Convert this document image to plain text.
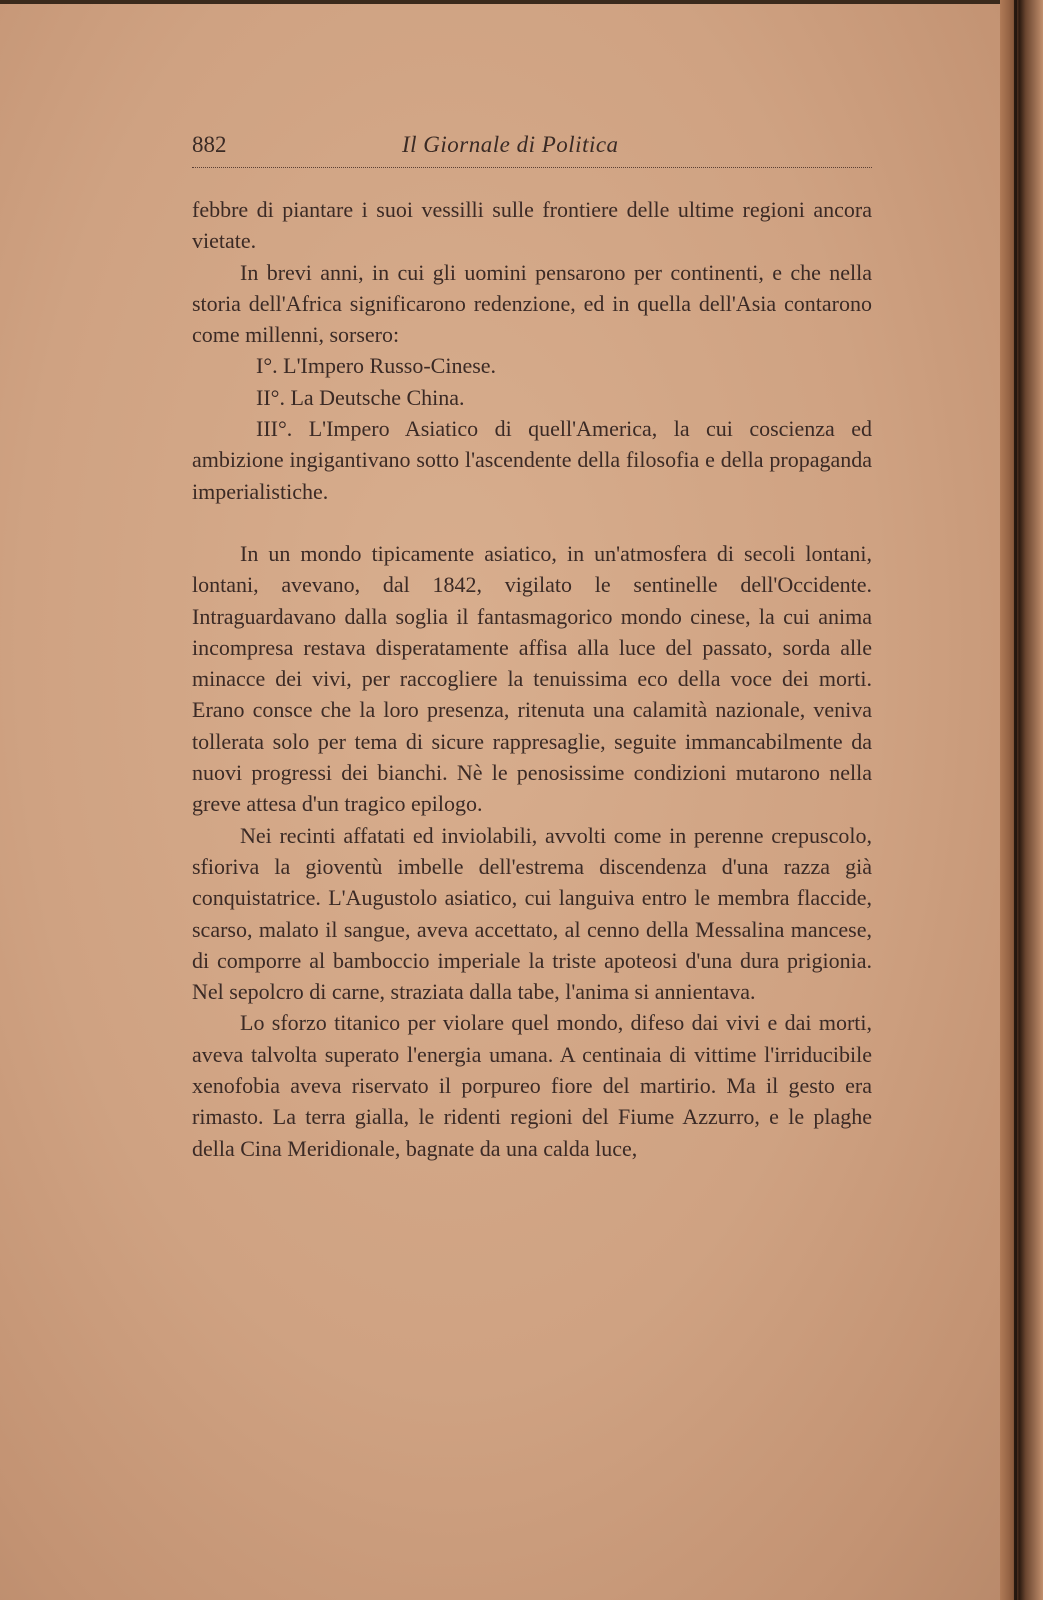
882	Il Giornale di Politica

febbre di piantare i suoi vessilli sulle frontiere delle ultime regioni ancora vietate.

In brevi anni, in cui gli uomini pensarono per continenti, e che nella storia dell'Africa significarono redenzione, ed in quella dell'Asia contarono come millenni, sorsero:

I°. L'Impero Russo-Cinese.

II°. La Deutsche China.

III°. L'Impero Asiatico di quell'America, la cui coscienza ed ambizione ingigantivano sotto l'ascendente della filosofia e della propaganda imperialistiche.

In un mondo tipicamente asiatico, in un'atmosfera di secoli lontani, lontani, avevano, dal 1842, vigilato le sentinelle dell'Occidente. Intraguardavano dalla soglia il fantasmagorico mondo cinese, la cui anima incompresa restava disperatamente affisa alla luce del passato, sorda alle minacce dei vivi, per raccogliere la tenuissima eco della voce dei morti. Erano consce che la loro presenza, ritenuta una calamità nazionale, veniva tollerata solo per tema di sicure rappresaglie, seguite immancabilmente da nuovi progressi dei bianchi. Nè le penosissime condizioni mutarono nella greve attesa d'un tragico epilogo.

Nei recinti affatati ed inviolabili, avvolti come in perenne crepuscolo, sfioriva la gioventù imbelle dell'estrema discendenza d'una razza già conquistatrice. L'Augustolo asiatico, cui languiva entro le membra flaccide, scarso, malato il sangue, aveva accettato, al cenno della Messalina mancese, di comporre al bamboccio imperiale la triste apoteosi d'una dura prigionia. Nel sepolcro di carne, straziata dalla tabe, l'anima si annientava.

Lo sforzo titanico per violare quel mondo, difeso dai vivi e dai morti, aveva talvolta superato l'energia umana. A centinaia di vittime l'irriducibile xenofobia aveva riservato il porpureo fiore del martirio. Ma il gesto era rimasto. La terra gialla, le ridenti regioni del Fiume Azzurro, e le plaghe della Cina Meridionale, bagnate da una calda luce,
